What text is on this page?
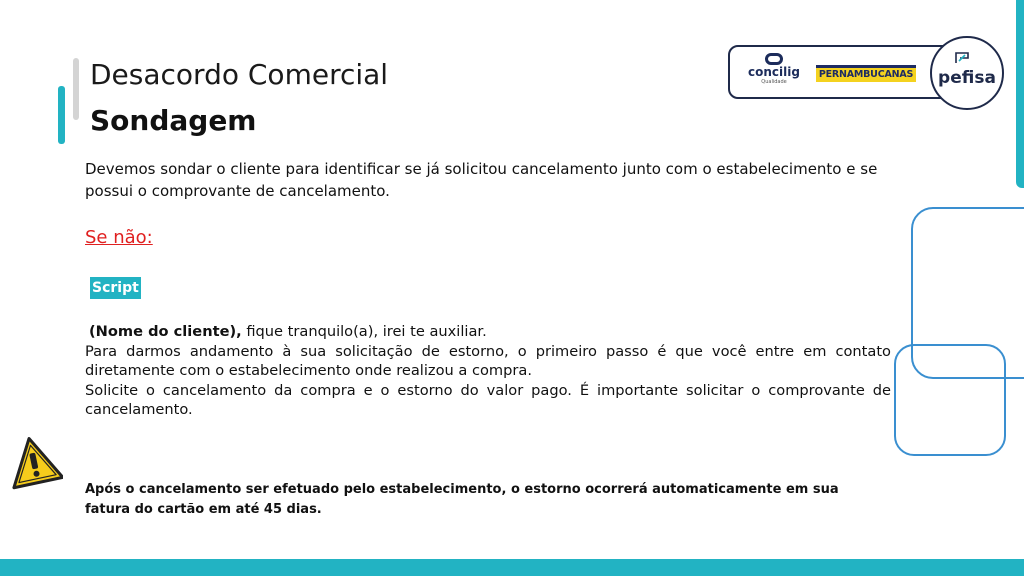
Desacordo Comercial
Sondagem
concilig
Qualidade
PERNAMBUCANAS	pefisa
Devemos sondar o cliente para identificar se já solicitou cancelamento junto com o estabelecimento e se possui o comprovante de cancelamento.
Se não:
Script

(Nome do cliente), fique tranquilo(a), irei te auxiliar.

Para darmos andamento à sua solicitação de estorno, o primeiro passo é que você entre em contato diretamente com o estabelecimento onde realizou a compra.

Solicite o cancelamento da compra e o estorno do valor pago. É importante solicitar o comprovante de cancelamento.

Após o cancelamento ser efetuado pelo estabelecimento, o estorno ocorrerá automaticamente em sua fatura do cartão em até 45 dias.
